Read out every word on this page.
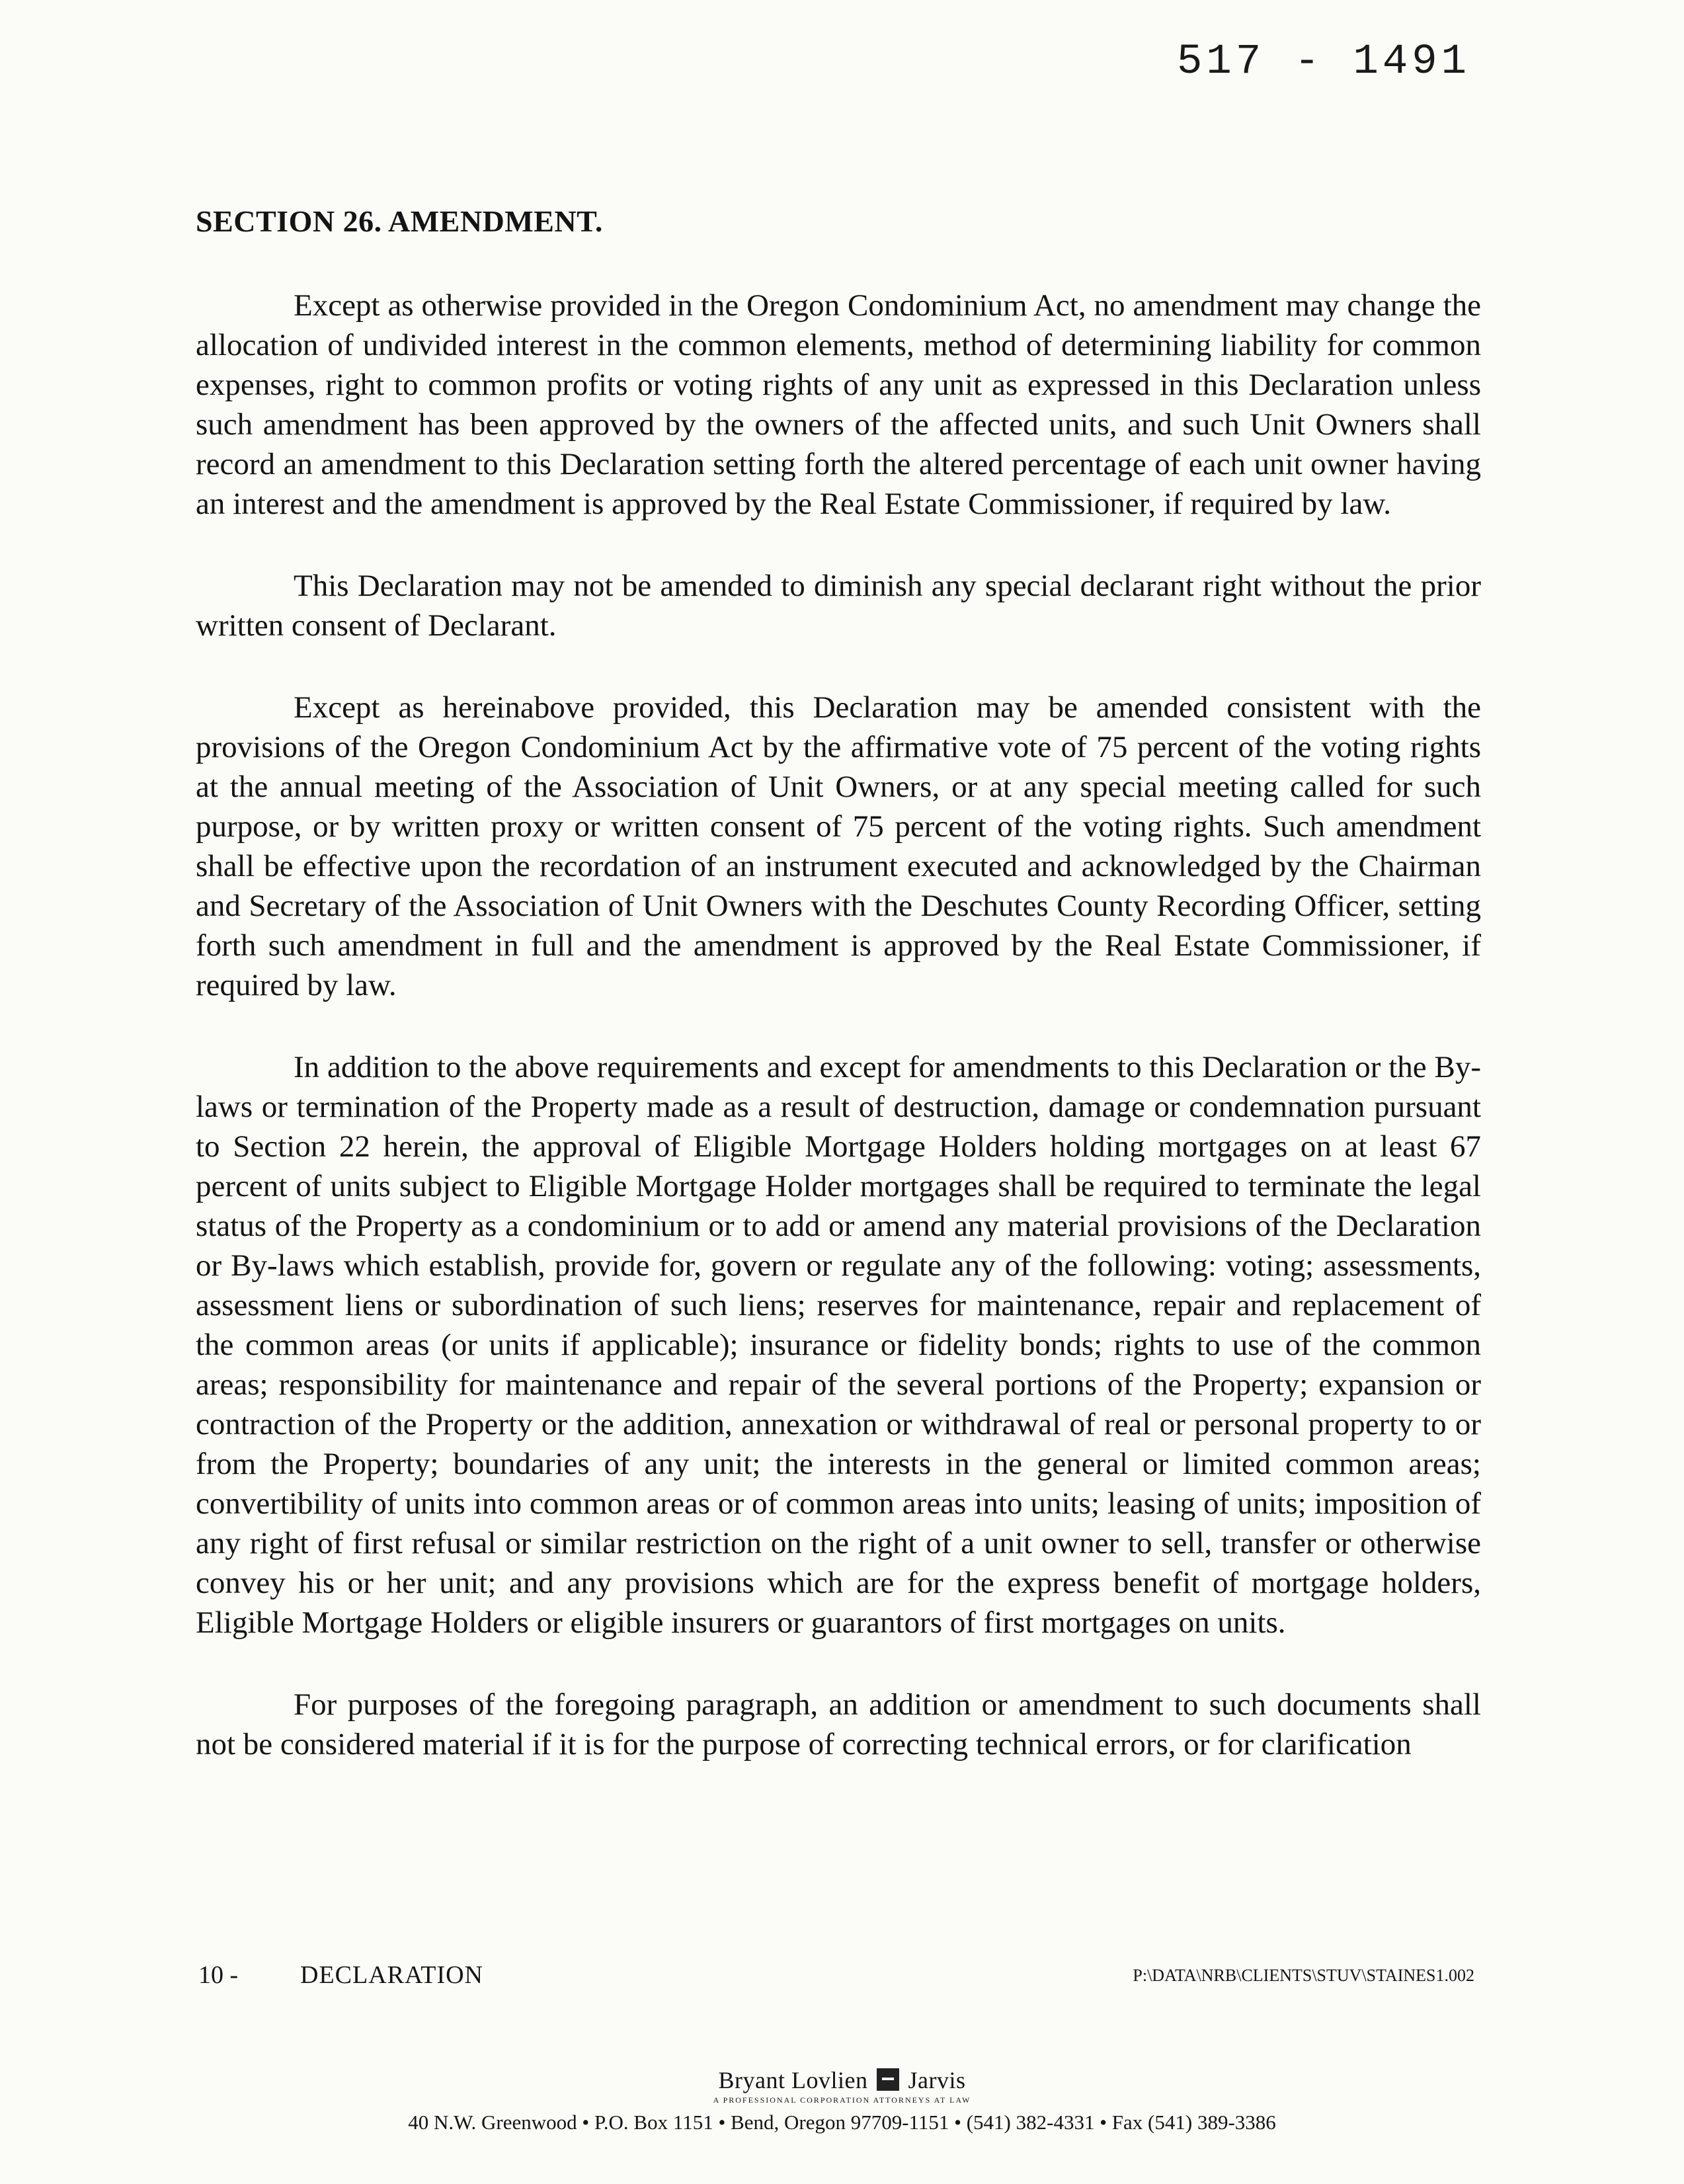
517 - 1491
SECTION 26. AMENDMENT.

Except as otherwise provided in the Oregon Condominium Act, no amendment may change the allocation of undivided interest in the common elements, method of determining liability for common expenses, right to common profits or voting rights of any unit as expressed in this Declaration unless such amendment has been approved by the owners of the affected units, and such Unit Owners shall record an amendment to this Declaration setting forth the altered percentage of each unit owner having an interest and the amendment is approved by the Real Estate Commissioner, if required by law.

This Declaration may not be amended to diminish any special declarant right without the prior written consent of Declarant.

Except as hereinabove provided, this Declaration may be amended consistent with the provisions of the Oregon Condominium Act by the affirmative vote of 75 percent of the voting rights at the annual meeting of the Association of Unit Owners, or at any special meeting called for such purpose, or by written proxy or written consent of 75 percent of the voting rights. Such amendment shall be effective upon the recordation of an instrument executed and acknowledged by the Chairman and Secretary of the Association of Unit Owners with the Deschutes County Recording Officer, setting forth such amendment in full and the amendment is approved by the Real Estate Commissioner, if required by law.

In addition to the above requirements and except for amendments to this Declaration or the By-laws or termination of the Property made as a result of destruction, damage or condemnation pursuant to Section 22 herein, the approval of Eligible Mortgage Holders holding mortgages on at least 67 percent of units subject to Eligible Mortgage Holder mortgages shall be required to terminate the legal status of the Property as a condominium or to add or amend any material provisions of the Declaration or By-laws which establish, provide for, govern or regulate any of the following: voting; assessments, assessment liens or subordination of such liens; reserves for maintenance, repair and replacement of the common areas (or units if applicable); insurance or fidelity bonds; rights to use of the common areas; responsibility for maintenance and repair of the several portions of the Property; expansion or contraction of the Property or the addition, annexation or withdrawal of real or personal property to or from the Property; boundaries of any unit; the interests in the general or limited common areas; convertibility of units into common areas or of common areas into units; leasing of units; imposition of any right of first refusal or similar restriction on the right of a unit owner to sell, transfer or otherwise convey his or her unit; and any provisions which are for the express benefit of mortgage holders, Eligible Mortgage Holders or eligible insurers or guarantors of first mortgages on units.

For purposes of the foregoing paragraph, an addition or amendment to such documents shall not be considered material if it is for the purpose of correcting technical errors, or for clarification

10 - DECLARATION	P:\DATA\NRB\CLIENTS\STUV\STAINES1.002
Bryant Lovlien Jarvis
A PROFESSIONAL CORPORATION ATTORNEYS AT LAW
40 N.W. Greenwood • P.O. Box 1151 • Bend, Oregon 97709-1151 • (541) 382-4331 • Fax (541) 389-3386
